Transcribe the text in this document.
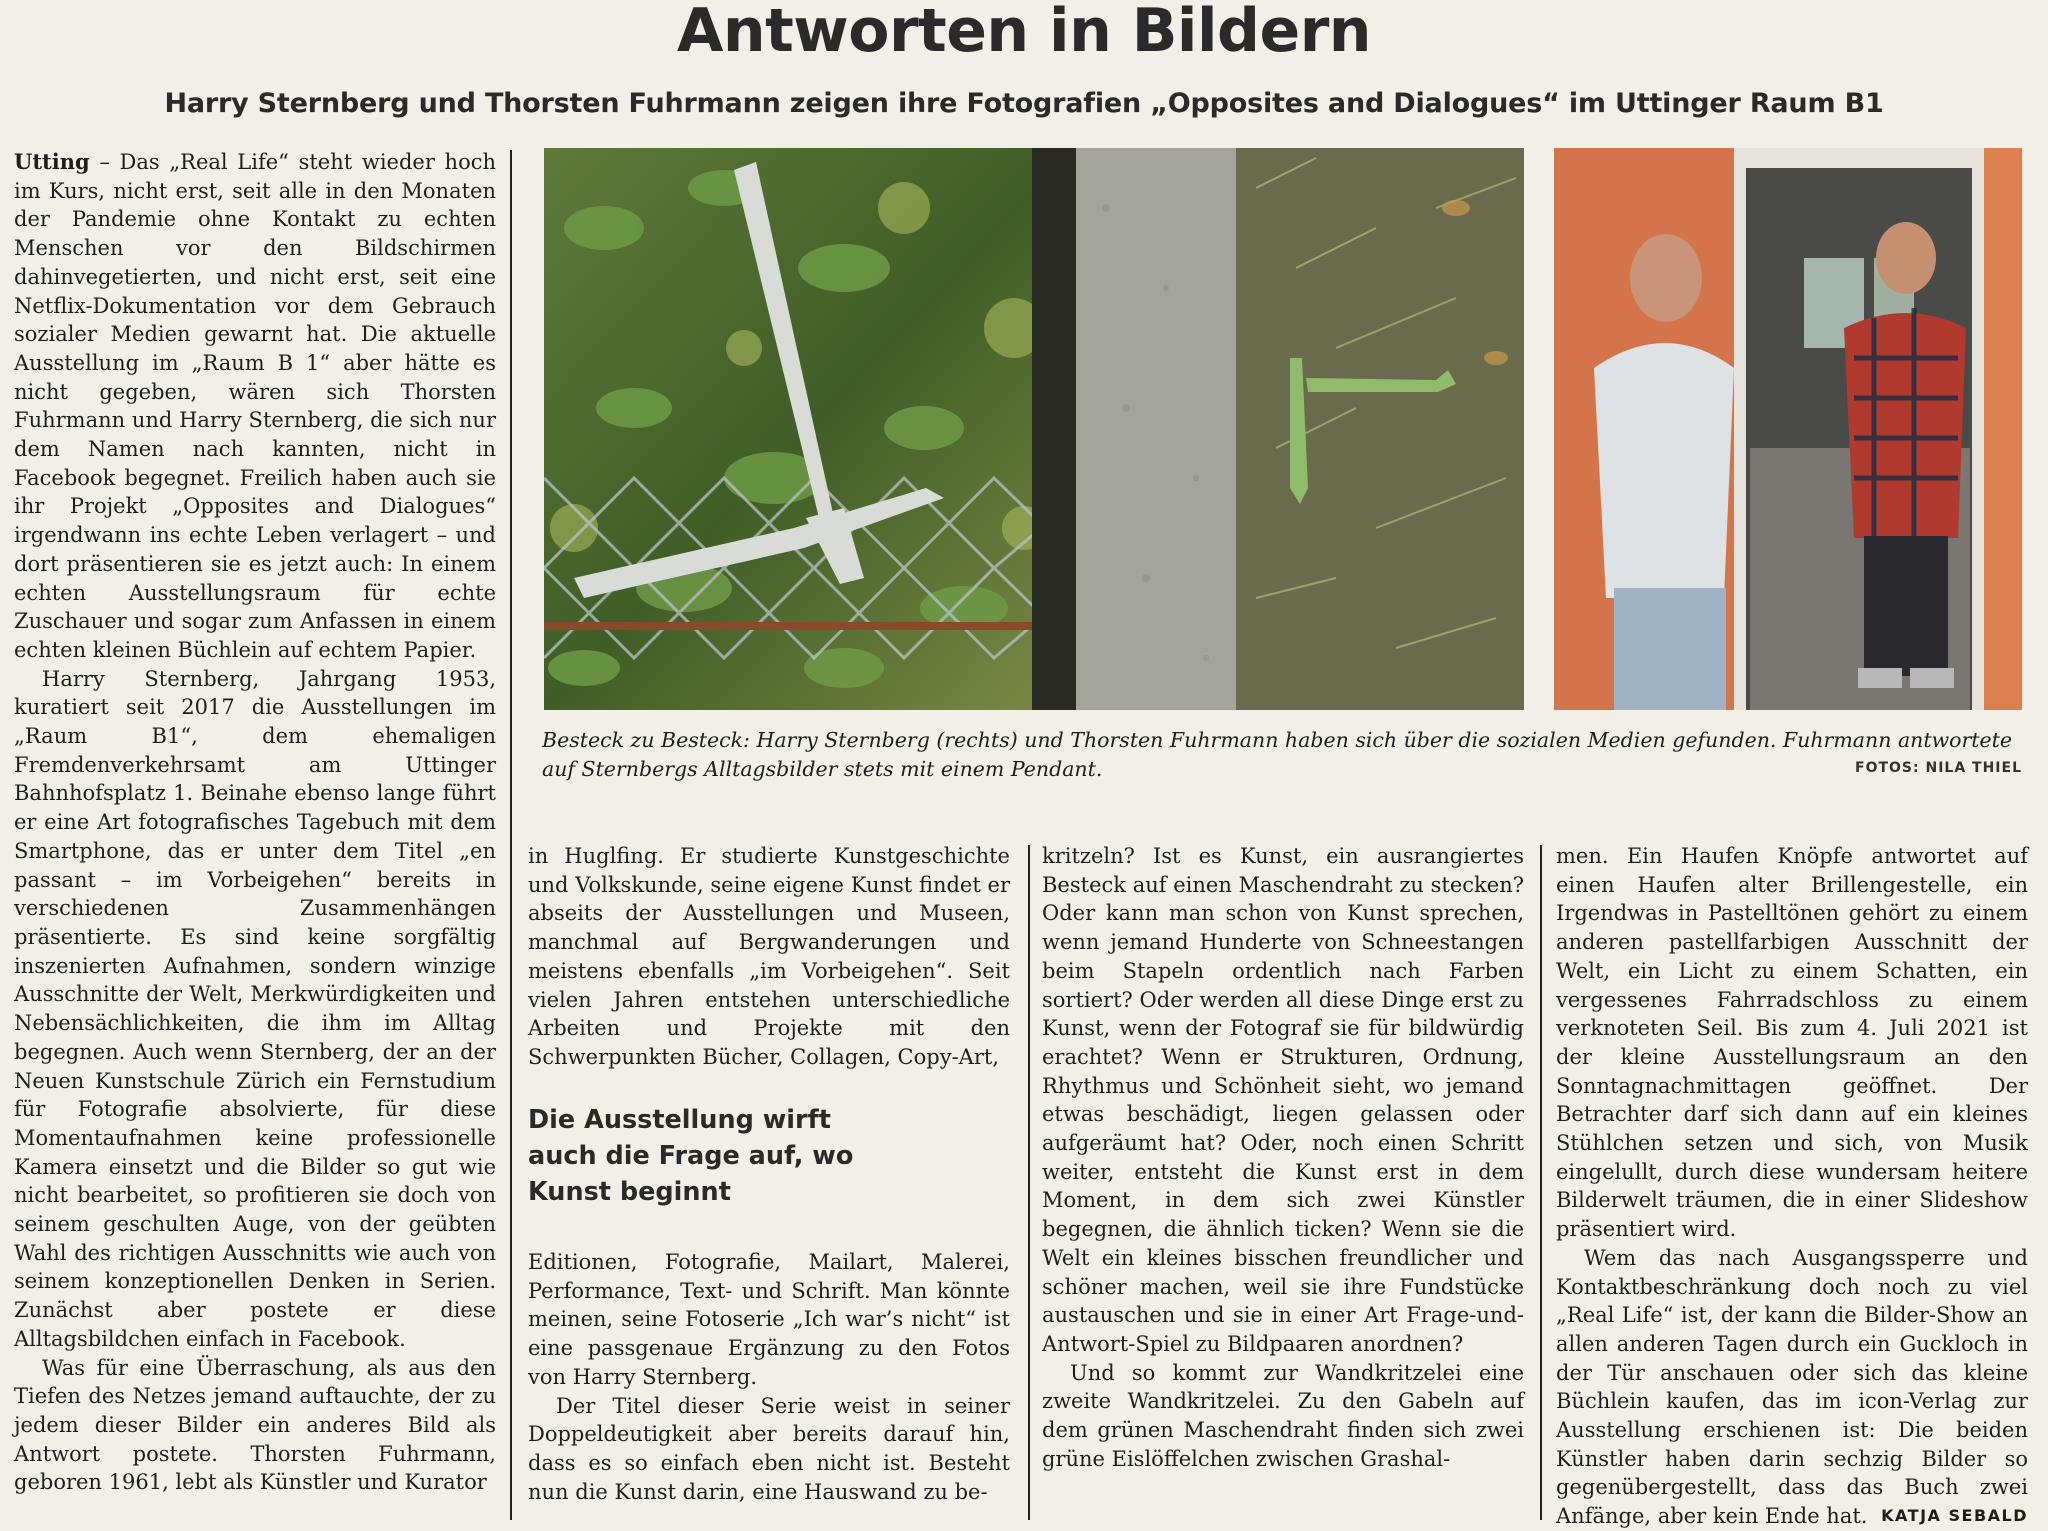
Antworten in Bildern
Harry Sternberg und Thorsten Fuhrmann zeigen ihre Fotografien „Opposites and Dialogues“ im Uttinger Raum B1

Utting – Das „Real Life“ steht wieder hoch im Kurs, nicht erst, seit alle in den Monaten der Pandemie ohne Kontakt zu echten Menschen vor den Bildschirmen dahinvegetierten, und nicht erst, seit eine Netflix-Dokumentation vor dem Gebrauch sozialer Medien gewarnt hat. Die aktuelle Ausstellung im „Raum B 1“ aber hätte es nicht gegeben, wären sich Thorsten Fuhrmann und Harry Sternberg, die sich nur dem Namen nach kannten, nicht in Facebook begegnet. Freilich haben auch sie ihr Projekt „Opposites and Dialogues“ irgendwann ins echte Leben verlagert – und dort präsentieren sie es jetzt auch: In einem echten Ausstellungsraum für echte Zuschauer und sogar zum Anfassen in einem echten kleinen Büchlein auf echtem Papier.

Harry Sternberg, Jahrgang 1953, kuratiert seit 2017 die Ausstellungen im „Raum B1“, dem ehemaligen Fremdenverkehrsamt am Uttinger Bahnhofsplatz 1. Beinahe ebenso lange führt er eine Art fotografisches Tagebuch mit dem Smartphone, das er unter dem Titel „en passant – im Vorbeigehen“ bereits in verschiedenen Zusammenhängen präsentierte. Es sind keine sorgfältig inszenierten Aufnahmen, sondern winzige Ausschnitte der Welt, Merkwürdigkeiten und Nebensächlichkeiten, die ihm im Alltag begegnen. Auch wenn Sternberg, der an der Neuen Kunstschule Zürich ein Fernstudium für Fotografie absolvierte, für diese Momentaufnahmen keine professionelle Kamera einsetzt und die Bilder so gut wie nicht bearbeitet, so profitieren sie doch von seinem geschulten Auge, von der geübten Wahl des richtigen Ausschnitts wie auch von seinem konzeptionellen Denken in Serien. Zunächst aber postete er diese Alltagsbildchen einfach in Facebook.

Was für eine Überraschung, als aus den Tiefen des Netzes jemand auftauchte, der zu jedem dieser Bilder ein anderes Bild als Antwort postete. Thorsten Fuhrmann, geboren 1961, lebt als Künstler und Kurator

Besteck zu Besteck: Harry Sternberg (rechts) und Thorsten Fuhrmann haben sich über die sozialen Medien gefunden. Fuhrmann antwortete auf Sternbergs Alltagsbilder stets mit einem Pendant.	FOTOS: NILA THIEL

in Huglfing. Er studierte Kunstgeschichte und Volkskunde, seine eigene Kunst findet er abseits der Ausstellungen und Museen, manchmal auf Bergwanderungen und meistens ebenfalls „im Vorbeigehen“. Seit vielen Jahren entstehen unterschiedliche Arbeiten und Projekte mit den Schwerpunkten Bücher, Collagen, Copy-Art,

Die Ausstellung wirft auch die Frage auf, wo Kunst beginnt

Editionen, Fotografie, Mailart, Malerei, Performance, Text- und Schrift. Man könnte meinen, seine Fotoserie „Ich war’s nicht“ ist eine passgenaue Ergänzung zu den Fotos von Harry Sternberg.

Der Titel dieser Serie weist in seiner Doppeldeutigkeit aber bereits darauf hin, dass es so einfach eben nicht ist. Besteht nun die Kunst darin, eine Hauswand zu be-

kritzeln? Ist es Kunst, ein ausrangiertes Besteck auf einen Maschendraht zu stecken? Oder kann man schon von Kunst sprechen, wenn jemand Hunderte von Schneestangen beim Stapeln ordentlich nach Farben sortiert? Oder werden all diese Dinge erst zu Kunst, wenn der Fotograf sie für bildwürdig erachtet? Wenn er Strukturen, Ordnung, Rhythmus und Schönheit sieht, wo jemand etwas beschädigt, liegen gelassen oder aufgeräumt hat? Oder, noch einen Schritt weiter, entsteht die Kunst erst in dem Moment, in dem sich zwei Künstler begegnen, die ähnlich ticken? Wenn sie die Welt ein kleines bisschen freundlicher und schöner machen, weil sie ihre Fundstücke austauschen und sie in einer Art Frage-und-Antwort-Spiel zu Bildpaaren anordnen?

Und so kommt zur Wandkritzelei eine zweite Wandkritzelei. Zu den Gabeln auf dem grünen Maschendraht finden sich zwei grüne Eislöffelchen zwischen Grashal-

men. Ein Haufen Knöpfe antwortet auf einen Haufen alter Brillengestelle, ein Irgendwas in Pastelltönen gehört zu einem anderen pastellfarbigen Ausschnitt der Welt, ein Licht zu einem Schatten, ein vergessenes Fahrradschloss zu einem verknoteten Seil. Bis zum 4. Juli 2021 ist der kleine Ausstellungsraum an den Sonntagnachmittagen geöffnet. Der Betrachter darf sich dann auf ein kleines Stühlchen setzen und sich, von Musik eingelullt, durch diese wundersam heitere Bilderwelt träumen, die in einer Slideshow präsentiert wird.

Wem das nach Ausgangssperre und Kontaktbeschränkung doch noch zu viel „Real Life“ ist, der kann die Bilder-Show an allen anderen Tagen durch ein Guckloch in der Tür anschauen oder sich das kleine Büchlein kaufen, das im icon-Verlag zur Ausstellung erschienen ist: Die beiden Künstler haben darin sechzig Bilder so gegenübergestellt, dass das Buch zwei Anfänge, aber kein Ende hat. KATJA SEBALD
